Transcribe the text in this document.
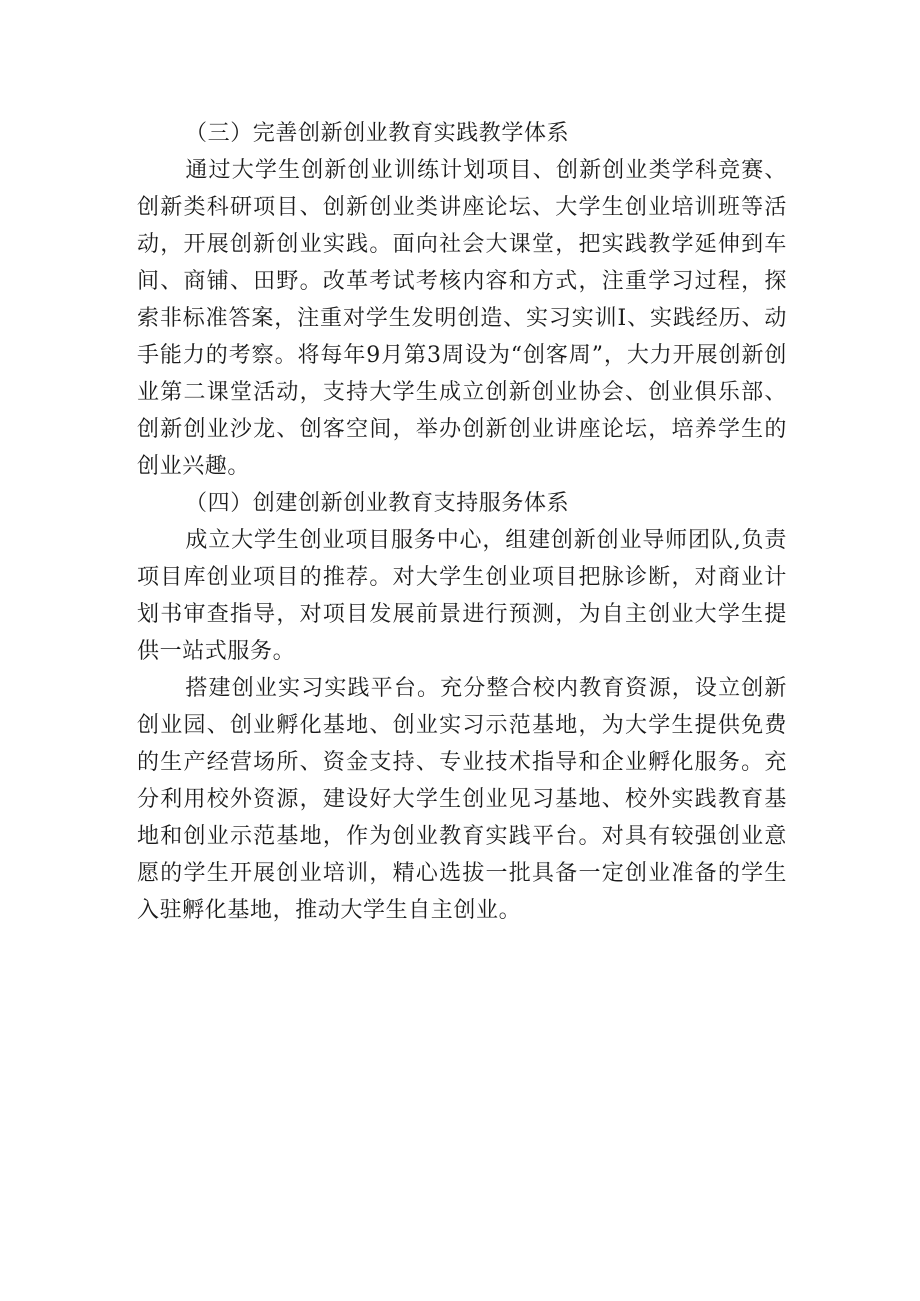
（三）完善创新创业教育实践教学体系

通过大学生创新创业训练计划项目、创新创业类学科竞赛、创新类科研项目、创新创业类讲座论坛、大学生创业培训班等活动，开展创新创业实践。面向社会大课堂，把实践教学延伸到车间、商铺、田野。改革考试考核内容和方式，注重学习过程，探索非标准答案，注重对学生发明创造、实习实训I、实践经历、动手能力的考察。将每年9月第3周设为“创客周”，大力开展创新创业第二课堂活动，支持大学生成立创新创业协会、创业俱乐部、创新创业沙龙、创客空间，举办创新创业讲座论坛，培养学生的创业兴趣。

（四）创建创新创业教育支持服务体系

成立大学生创业项目服务中心，组建创新创业导师团队,负责项目库创业项目的推荐。对大学生创业项目把脉诊断，对商业计划书审查指导，对项目发展前景进行预测，为自主创业大学生提供一站式服务。

搭建创业实习实践平台。充分整合校内教育资源，设立创新创业园、创业孵化基地、创业实习示范基地，为大学生提供免费的生产经营场所、资金支持、专业技术指导和企业孵化服务。充分利用校外资源，建设好大学生创业见习基地、校外实践教育基地和创业示范基地，作为创业教育实践平台。对具有较强创业意愿的学生开展创业培训，精心选拔一批具备一定创业准备的学生入驻孵化基地，推动大学生自主创业。
